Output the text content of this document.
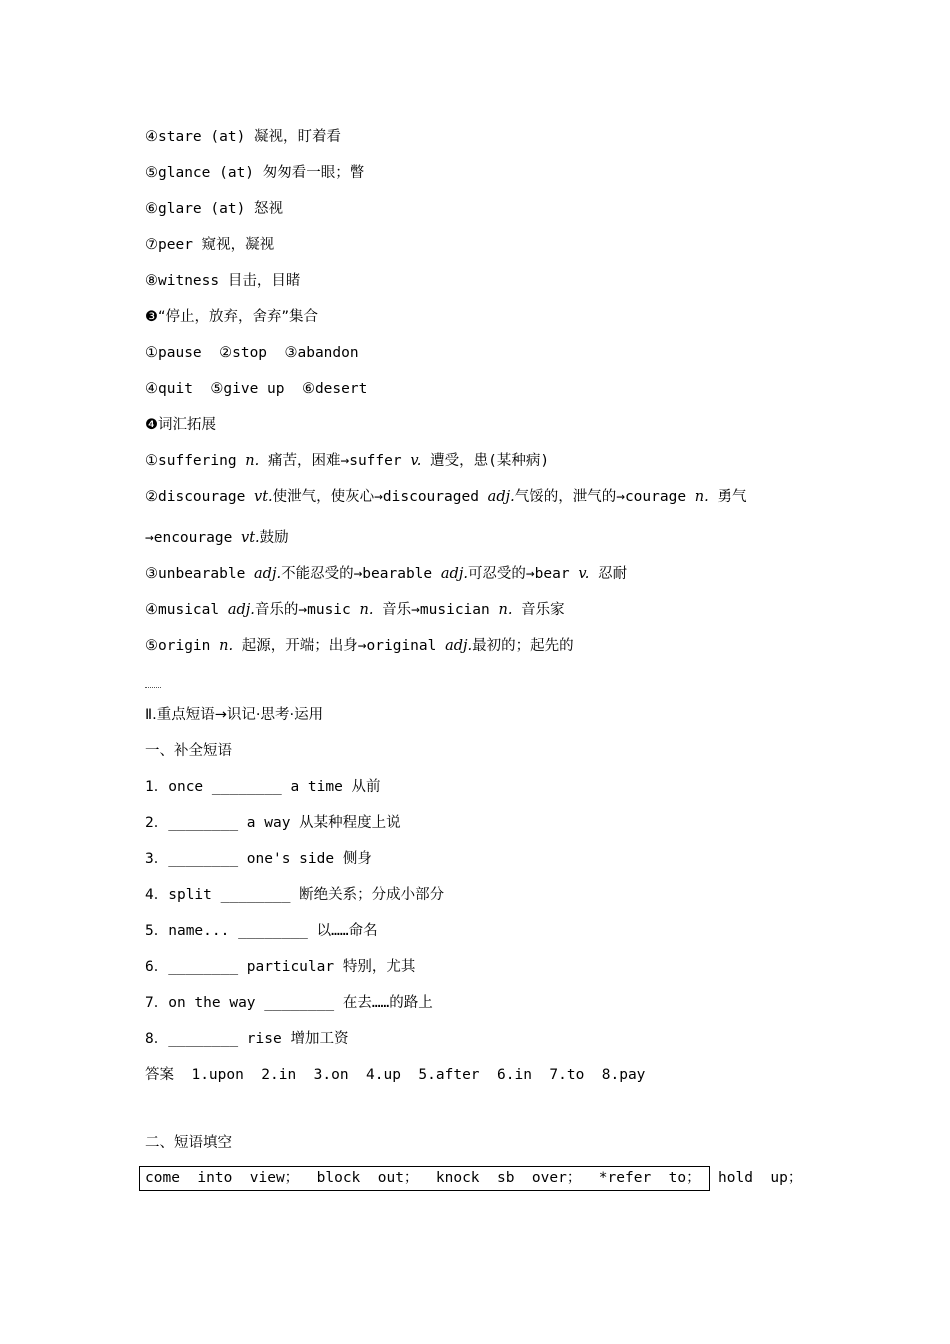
④stare (at) 凝视，盯着看
⑤glance (at) 匆匆看一眼；瞥
⑥glare (at) 怒视
⑦peer 窥视，凝视
⑧witness 目击，目睹
❸“停止，放弃，舍弃”集合
①pause  ②stop  ③abandon
④quit  ⑤give up  ⑥desert
❹词汇拓展
①suffering n. 痛苦，困难→suffer v. 遭受，患(某种病)
②discourage vt.使泄气，使灰心→discouraged adj.气馁的，泄气的→courage n. 勇气
→encourage vt.鼓励
③unbearable adj.不能忍受的→bearable adj.可忍受的→bear v. 忍耐
④musical adj.音乐的→music n. 音乐→musician n. 音乐家
⑤origin n. 起源，开端；出身→original adj.最初的；起先的
Ⅱ.重点短语→识记·思考·运用
一、补全短语
1．once ________ a time 从前
2．________ a way 从某种程度上说
3．________ one's side 侧身
4．split ________ 断绝关系；分成小部分
5．name... ________ 以……命名
6．________ particular 特别，尤其
7．on the way ________ 在去……的路上
8．________ rise 增加工资
答案  1.upon  2.in  3.on  4.up  5.after  6.in  7.to  8.pay
二、短语填空
come  into  view；  block  out；  knock  sb  over；  *refer  to；  hold  up；
